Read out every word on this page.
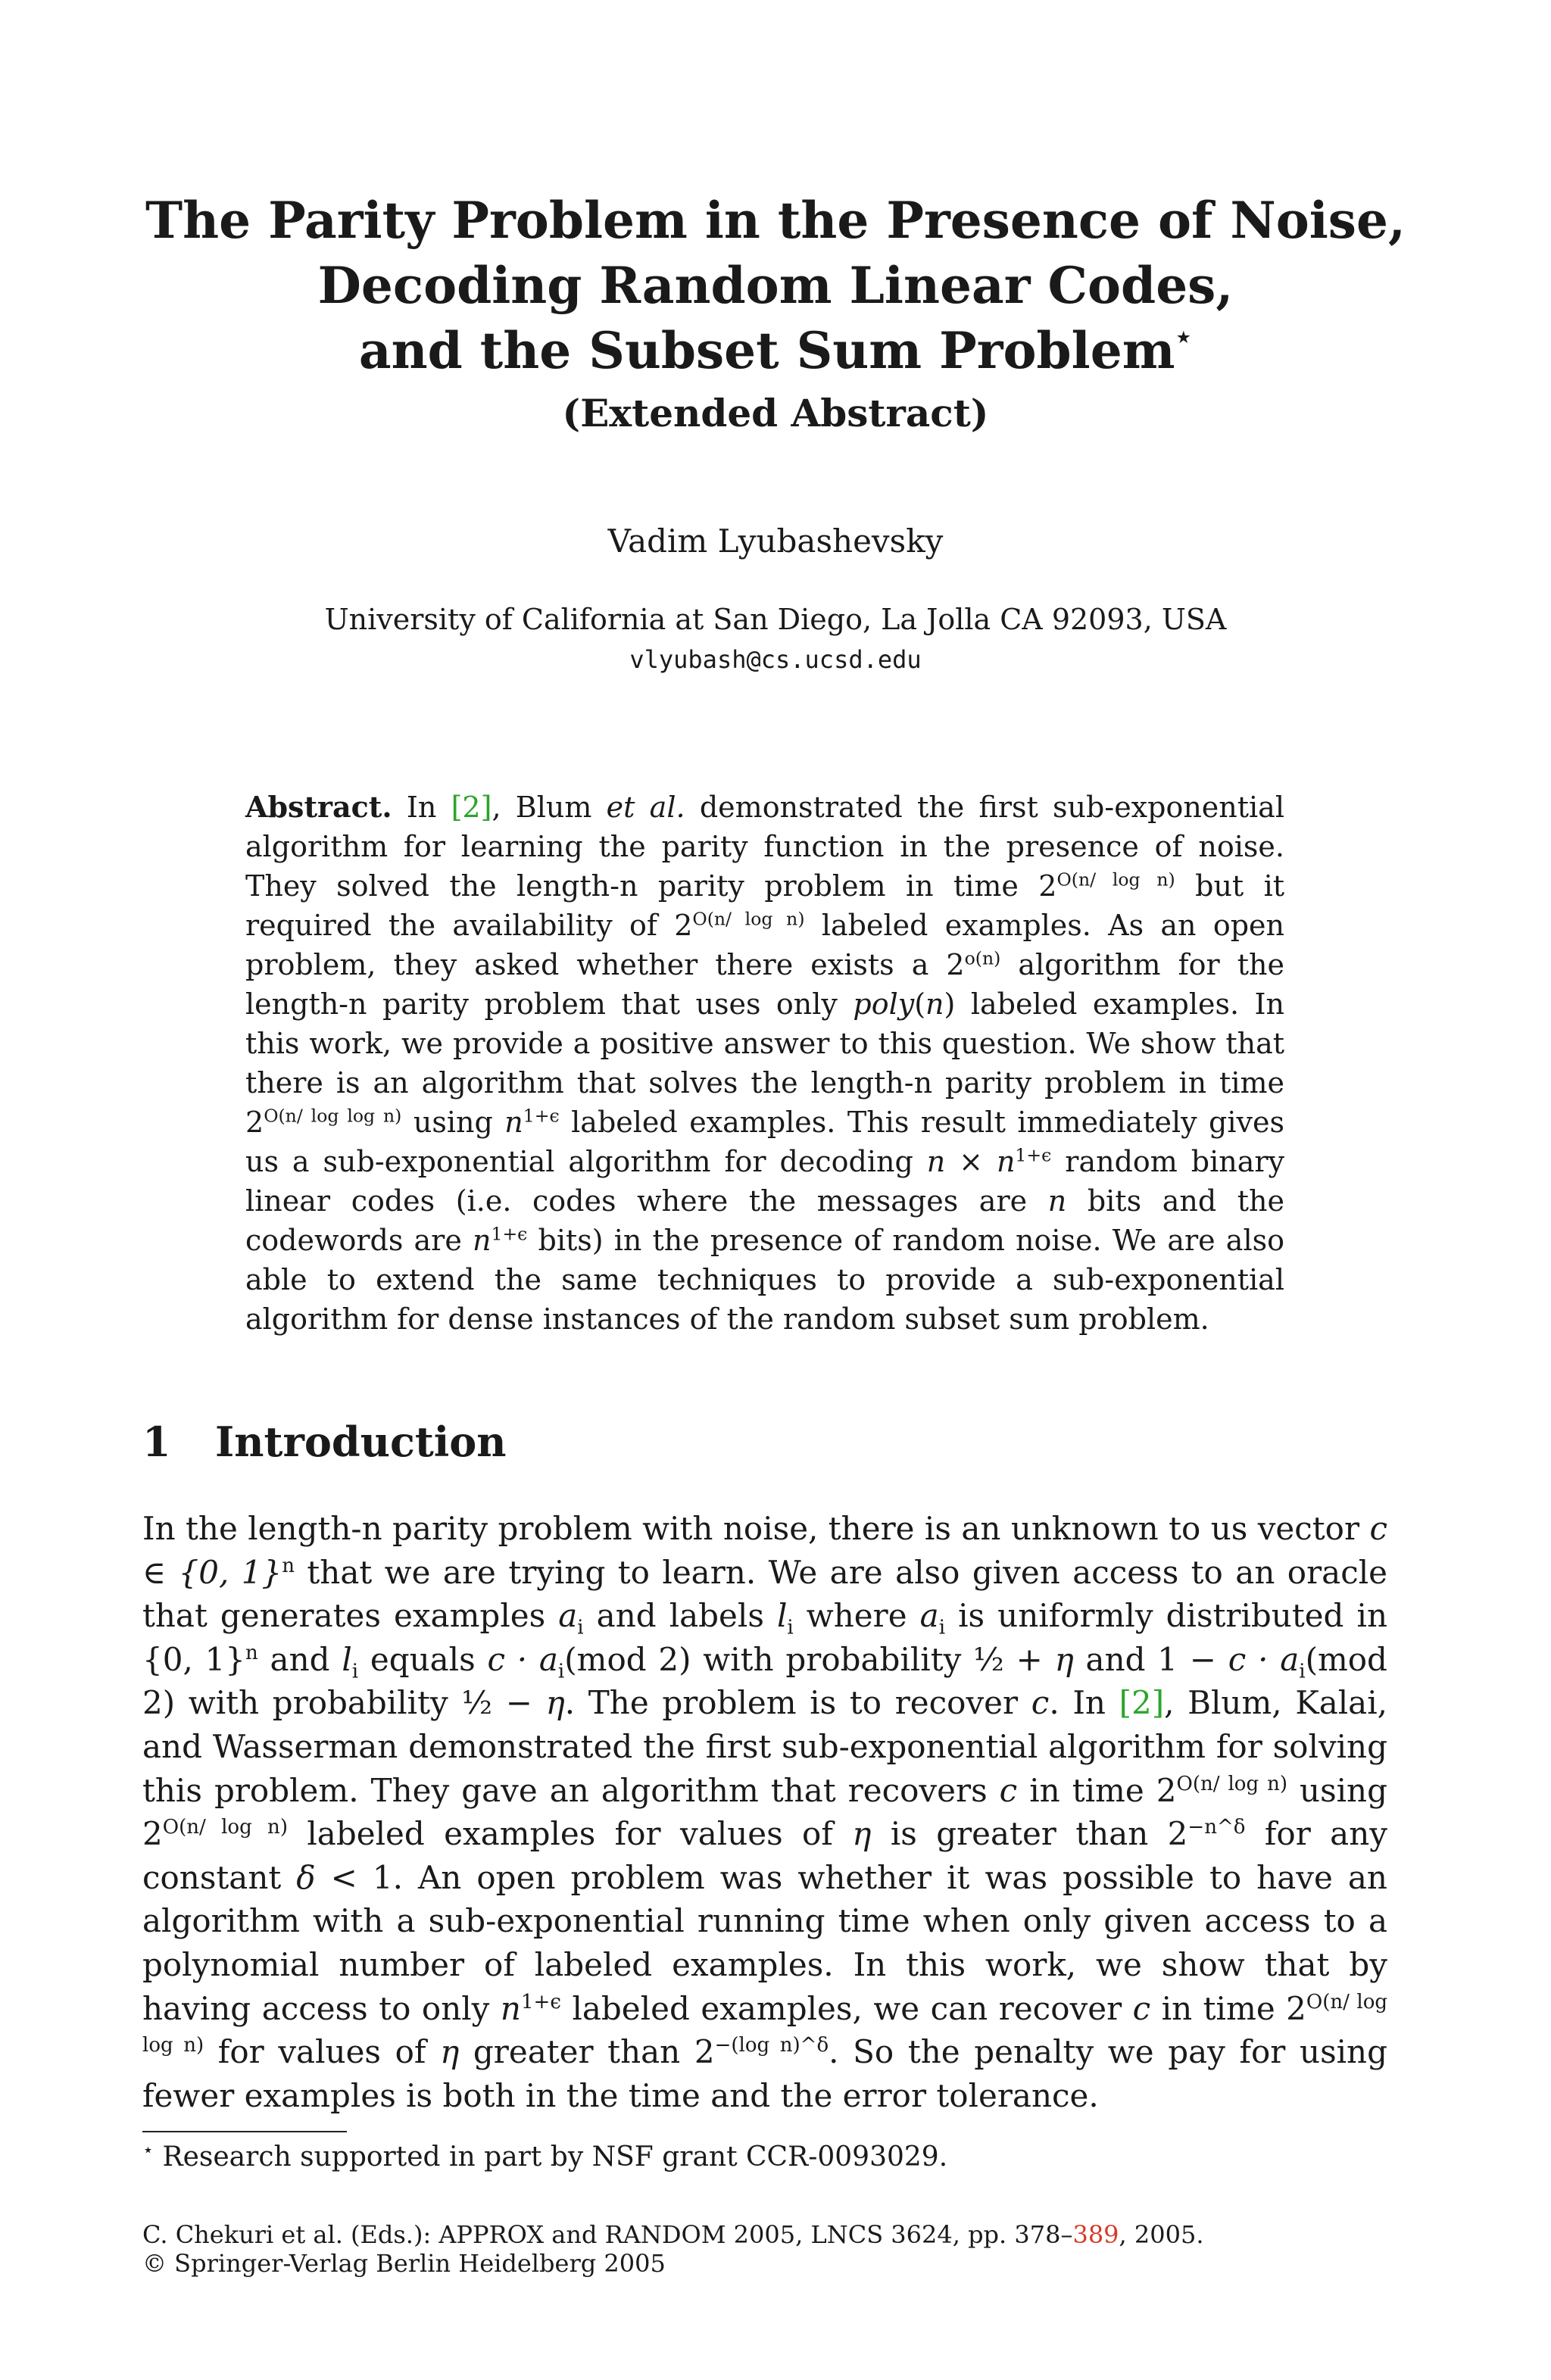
The Parity Problem in the Presence of Noise,
Decoding Random Linear Codes,
and the Subset Sum Problem⋆
(Extended Abstract)
Vadim Lyubashevsky
University of California at San Diego, La Jolla CA 92093, USA
vlyubash@cs.ucsd.edu
Abstract. In [2], Blum et al. demonstrated the first sub-exponential algorithm for learning the parity function in the presence of noise. They solved the length-n parity problem in time $2^{O(n/ log n)}$ but it required the availability of $2^{O(n/ log n)}$ labeled examples. As an open problem, they asked whether there exists a $2^{o(n)}$ algorithm for the length-n parity problem that uses only poly(n) labeled examples. In this work, we provide a positive answer to this question. We show that there is an algorithm that solves the length-n parity problem in time $2^{O(n/ log log n)}$ using $n^{1+\epsilon}$ labeled examples. This result immediately gives us a sub-exponential algorithm for decoding $n \times n^{1+\epsilon}$ random binary linear codes (i.e. codes where the messages are n bits and the codewords are $n^{1+\epsilon}$ bits) in the presence of random noise. We are also able to extend the same techniques to provide a sub-exponential algorithm for dense instances of the random subset sum problem.
1 Introduction
In the length-n parity problem with noise, there is an unknown to us vector c ∈ {0, 1}$^n$ that we are trying to learn. We are also given access to an oracle that generates examples $a_i$ and labels $l_i$ where $a_i$ is uniformly distributed in {0, 1}$^n$ and $l_i$ equals $c \cdot a_i(mod$ 2) with probability ½ + η and $1 - c \cdot a_i(mod$ 2) with probability ½ − η. The problem is to recover c. In [2], Blum, Kalai, and Wasserman demonstrated the first sub-exponential algorithm for solving this problem. They gave an algorithm that recovers c in time $2^{O(n/ log n)}$ using $2^{O(n/ log n)}$ labeled examples for values of η is greater than $2^{-n\^{}\delta}$ for any constant δ < 1. An open problem was whether it was possible to have an algorithm with a sub-exponential running time when only given access to a polynomial number of labeled examples. In this work, we show that by having access to only $n^{1+\epsilon}$ labeled examples, we can recover c in time $2^{O(n/ log log n)}$ for values of η greater than $2^{-(log n)\^{}\delta}$. So the penalty we pay for using fewer examples is both in the time and the error tolerance.
⋆ Research supported in part by NSF grant CCR-0093029.
C. Chekuri et al. (Eds.): APPROX and RANDOM 2005, LNCS 3624, pp. 378–389, 2005.
© Springer-Verlag Berlin Heidelberg 2005
